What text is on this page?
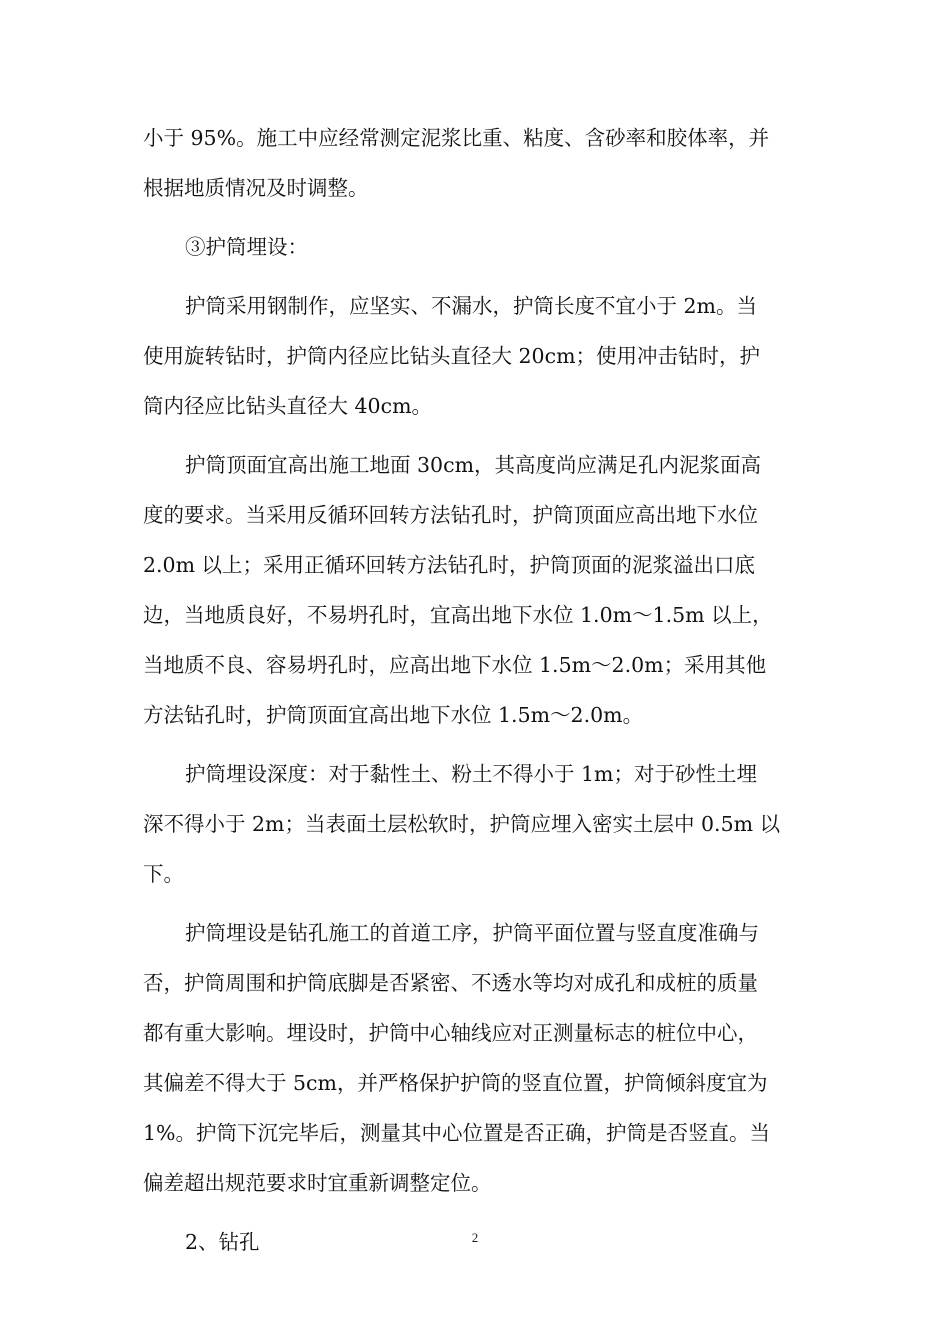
小于 95%。施工中应经常测定泥浆比重、粘度、含砂率和胶体率，并
根据地质情况及时调整。
③护筒埋设：
护筒采用钢制作，应坚实、不漏水，护筒长度不宜小于 2m。当
使用旋转钻时，护筒内径应比钻头直径大 20cm；使用冲击钻时，护
筒内径应比钻头直径大 40cm。
护筒顶面宜高出施工地面 30cm，其高度尚应满足孔内泥浆面高
度的要求。当采用反循环回转方法钻孔时，护筒顶面应高出地下水位
2.0m 以上；采用正循环回转方法钻孔时，护筒顶面的泥浆溢出口底
边，当地质良好，不易坍孔时，宜高出地下水位 1.0m～1.5m 以上，
当地质不良、容易坍孔时，应高出地下水位 1.5m～2.0m；采用其他
方法钻孔时，护筒顶面宜高出地下水位 1.5m～2.0m。
护筒埋设深度：对于黏性土、粉土不得小于 1m；对于砂性土埋
深不得小于 2m；当表面土层松软时，护筒应埋入密实土层中 0.5m 以
下。
护筒埋设是钻孔施工的首道工序，护筒平面位置与竖直度准确与
否，护筒周围和护筒底脚是否紧密、不透水等均对成孔和成桩的质量
都有重大影响。埋设时，护筒中心轴线应对正测量标志的桩位中心，
其偏差不得大于 5cm，并严格保护护筒的竖直位置，护筒倾斜度宜为
1%。护筒下沉完毕后，测量其中心位置是否正确，护筒是否竖直。当
偏差超出规范要求时宜重新调整定位。
2、钻孔	2
